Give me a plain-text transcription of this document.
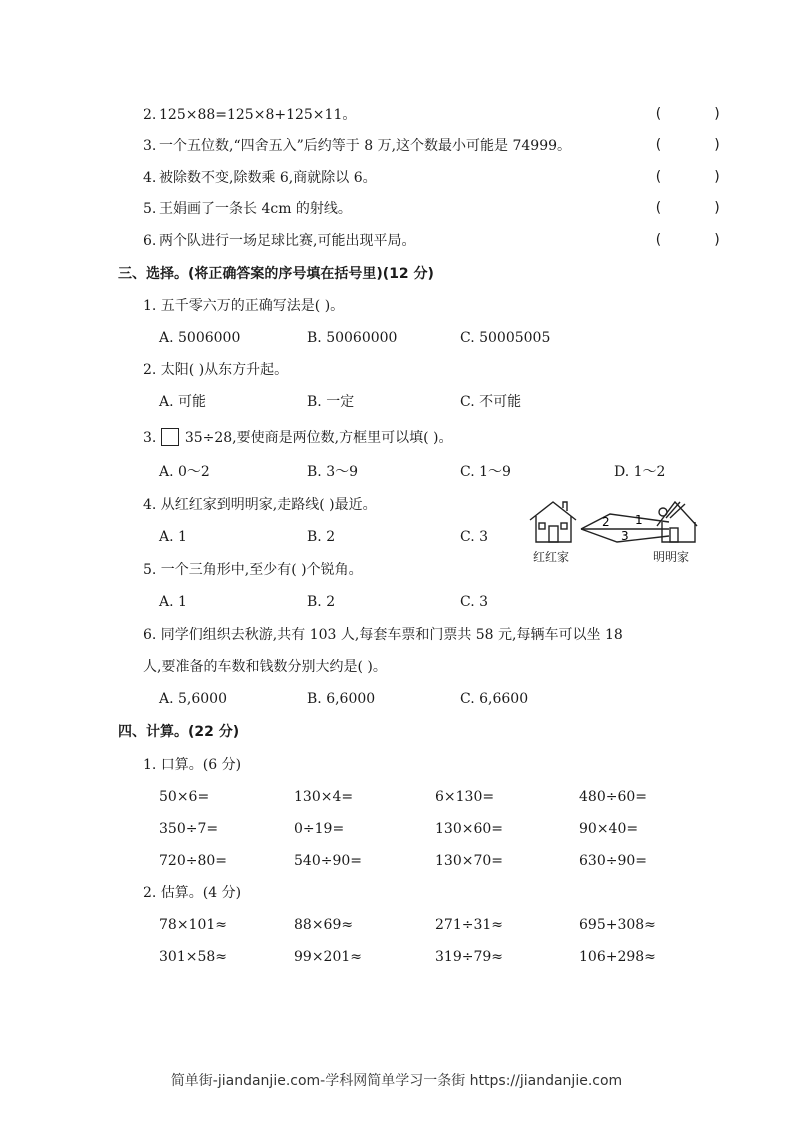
2. 125×88=125×8+125×11。	(      )
3. 一个五位数,“四舍五入”后约等于 8 万,这个数最小可能是 74999。	(      )
4. 被除数不变,除数乘 6,商就除以 6。	(      )
5. 王娟画了一条长 4cm 的射线。	(      )
6. 两个队进行一场足球比赛,可能出现平局。	(      )
三、选择。(将正确答案的序号填在括号里)(12 分)
1. 五千零六万的正确写法是( )。
A. 5006000	B. 50060000	C. 50005005
2. 太阳( )从东方升起。
A. 可能	B. 一定	C. 不可能
3. 35÷28,要使商是两位数,方框里可以填( )。
A. 0～2	B. 3～9	C. 1～9	D. 1～2
4. 从红红家到明明家,走路线( )最近。
A. 1	B. 2	C. 3
2 1
3
红红家	明明家
5. 一个三角形中,至少有( )个锐角。
A. 1	B. 2	C. 3
6. 同学们组织去秋游,共有 103 人,每套车票和门票共 58 元,每辆车可以坐 18
人,要准备的车数和钱数分别大约是( )。
A. 5,6000	B. 6,6000	C. 6,6600
四、计算。(22 分)
1. 口算。(6 分)
50×6=	130×4=	6×130=	480÷60=
350÷7=	0÷19=	130×60=	90×40=
720÷80=	540÷90=	130×70=	630÷90=
2. 估算。(4 分)
78×101≈	88×69≈	271÷31≈	695+308≈
301×58≈	99×201≈	319÷79≈	106+298≈
简单街-jiandanjie.com-学科网简单学习一条街 https://jiandanjie.com
